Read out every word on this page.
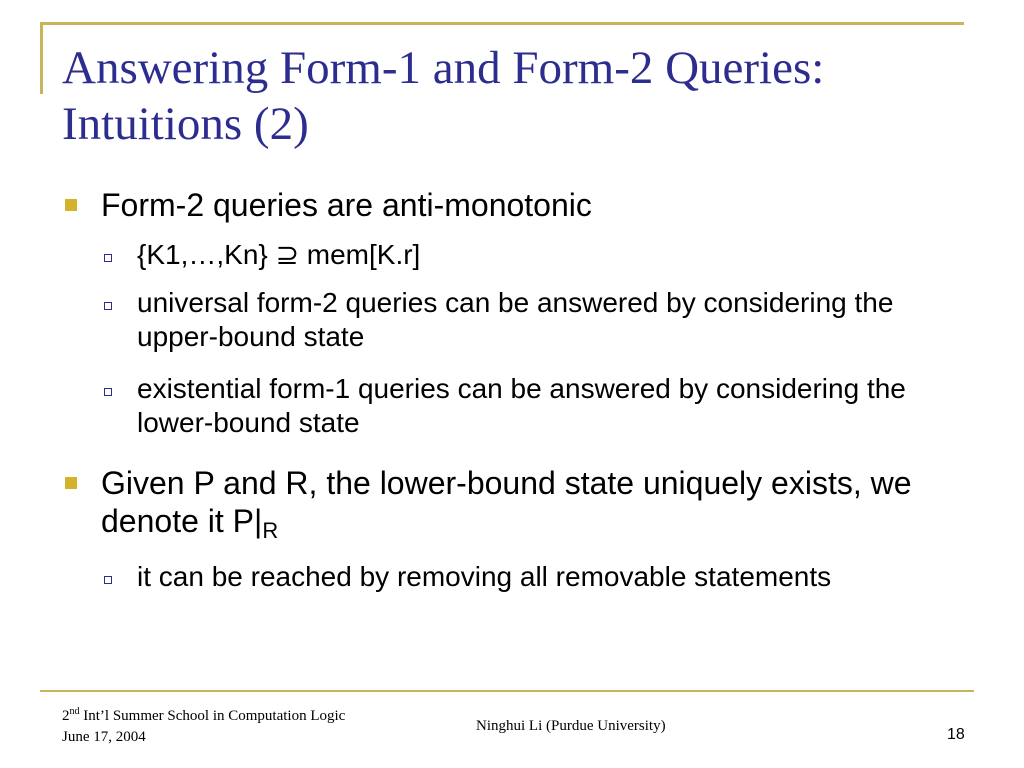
Answering Form-1 and Form-2 Queries:
Intuitions (2)
Form-2 queries are anti-monotonic
{K1,…,Kn} ⊇ mem[K.r]
universal form-2 queries can be answered by considering the upper-bound state
existential form-1 queries can be answered by considering the lower-bound state
Given P and R, the lower-bound state uniquely exists, we denote it P|R
it can be reached by removing all removable statements
2nd Int’l Summer School in Computation Logic
June 17, 2004
Ninghui Li (Purdue University)	18
